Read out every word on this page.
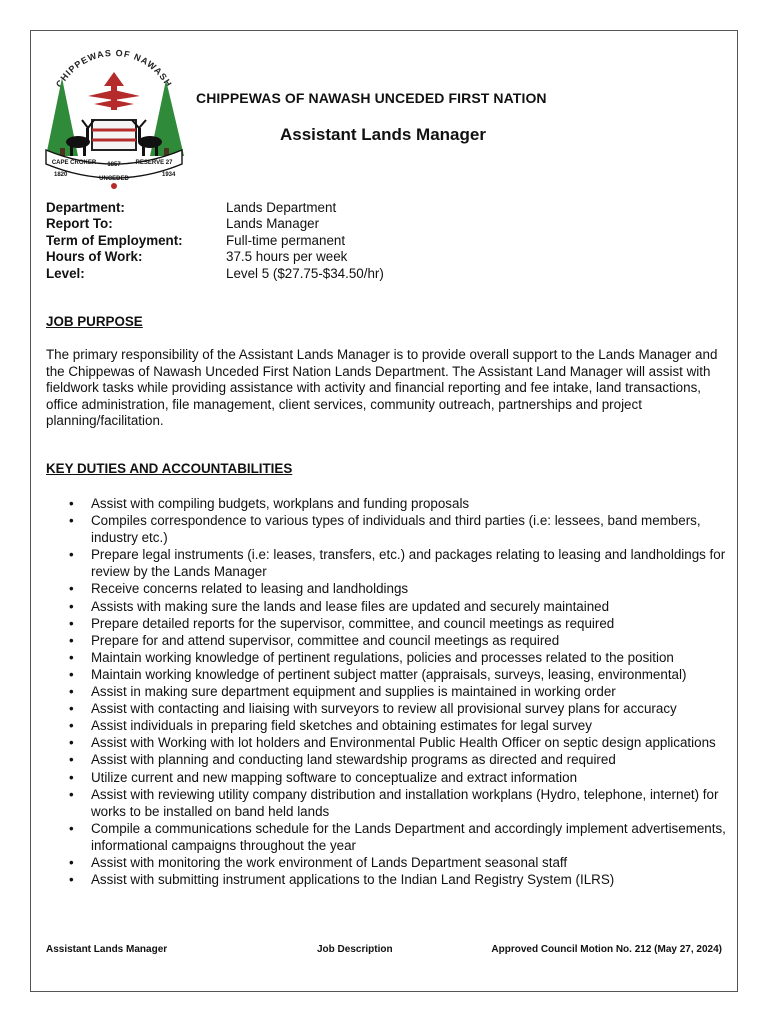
CHIPPEWAS OF NAWASH
CAPE CROKER	RESERVE 27
1857
1820	1934
UNCEDED
CHIPPEWAS OF NAWASH UNCEDED FIRST NATION
Assistant Lands Manager
Department:	Lands Department
Report To:	Lands Manager
Term of Employment:	Full-time permanent
Hours of Work:	37.5 hours per week
Level:	Level 5 ($27.75-$34.50/hr)
JOB PURPOSE

The primary responsibility of the Assistant Lands Manager is to provide overall support to the Lands Manager and the Chippewas of Nawash Unceded First Nation Lands Department. The Assistant Land Manager will assist with fieldwork tasks while providing assistance with activity and financial reporting and fee intake, land transactions, office administration, file management, client services, community outreach, partnerships and project planning/facilitation.

KEY DUTIES AND ACCOUNTABILITIES
• Assist with compiling budgets, workplans and funding proposals
• Compiles correspondence to various types of individuals and third parties (i.e: lessees, band members, industry etc.)
• Prepare legal instruments (i.e: leases, transfers, etc.) and packages relating to leasing and landholdings for review by the Lands Manager
• Receive concerns related to leasing and landholdings
• Assists with making sure the lands and lease files are updated and securely maintained
• Prepare detailed reports for the supervisor, committee, and council meetings as required
• Prepare for and attend supervisor, committee and council meetings as required
• Maintain working knowledge of pertinent regulations, policies and processes related to the position
• Maintain working knowledge of pertinent subject matter (appraisals, surveys, leasing, environmental)
• Assist in making sure department equipment and supplies is maintained in working order
• Assist with contacting and liaising with surveyors to review all provisional survey plans for accuracy
• Assist individuals in preparing field sketches and obtaining estimates for legal survey
• Assist with Working with lot holders and Environmental Public Health Officer on septic design applications
• Assist with planning and conducting land stewardship programs as directed and required
• Utilize current and new mapping software to conceptualize and extract information
• Assist with reviewing utility company distribution and installation workplans (Hydro, telephone, internet) for works to be installed on band held lands
• Compile a communications schedule for the Lands Department and accordingly implement advertisements, informational campaigns throughout the year
• Assist with monitoring the work environment of Lands Department seasonal staff
• Assist with submitting instrument applications to the Indian Land Registry System (ILRS)
Assistant Lands Manager	Job Description	Approved Council Motion No. 212 (May 27, 2024)
